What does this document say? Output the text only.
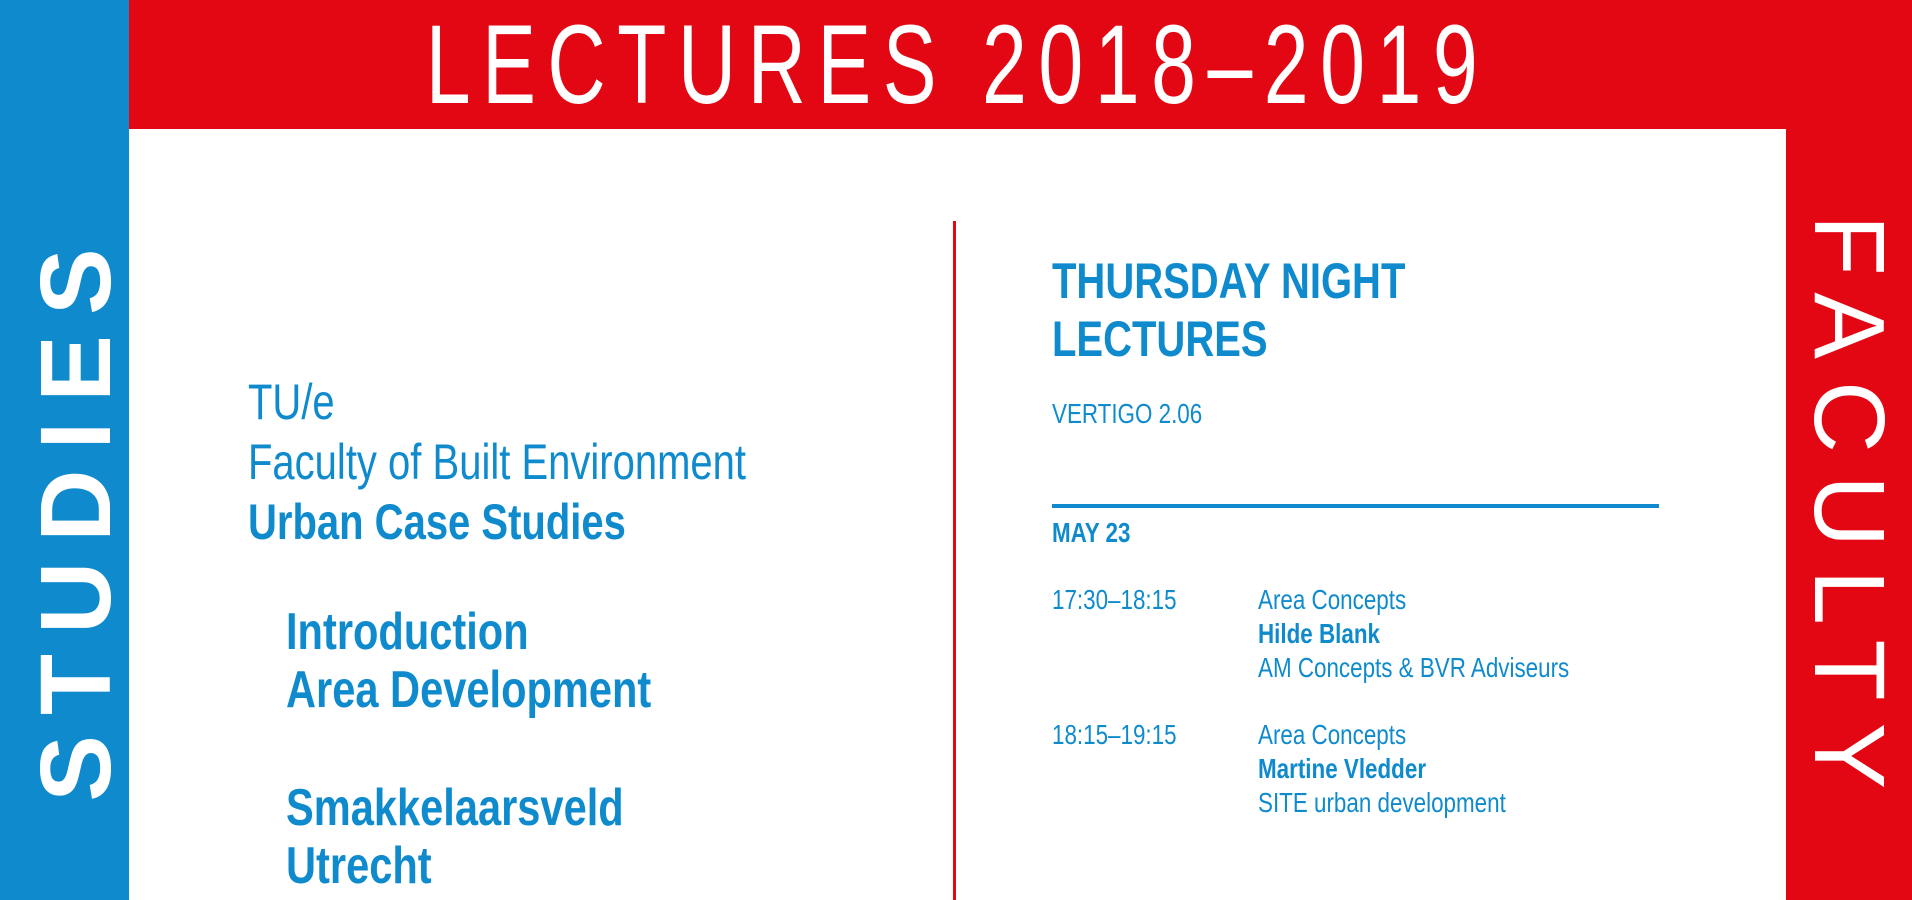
LECTURES 2018–2019
STUDIES	FACULTY
TU/e
Faculty of Built Environment
Urban Case Studies
Introduction
Area Development
Smakkelaarsveld
Utrecht
THURSDAY NIGHT
LECTURES
VERTIGO 2.06
MAY 23
17:30–18:15	Area Concepts
Hilde Blank
AM Concepts & BVR Adviseurs
18:15–19:15	Area Concepts
Martine Vledder
SITE urban development
